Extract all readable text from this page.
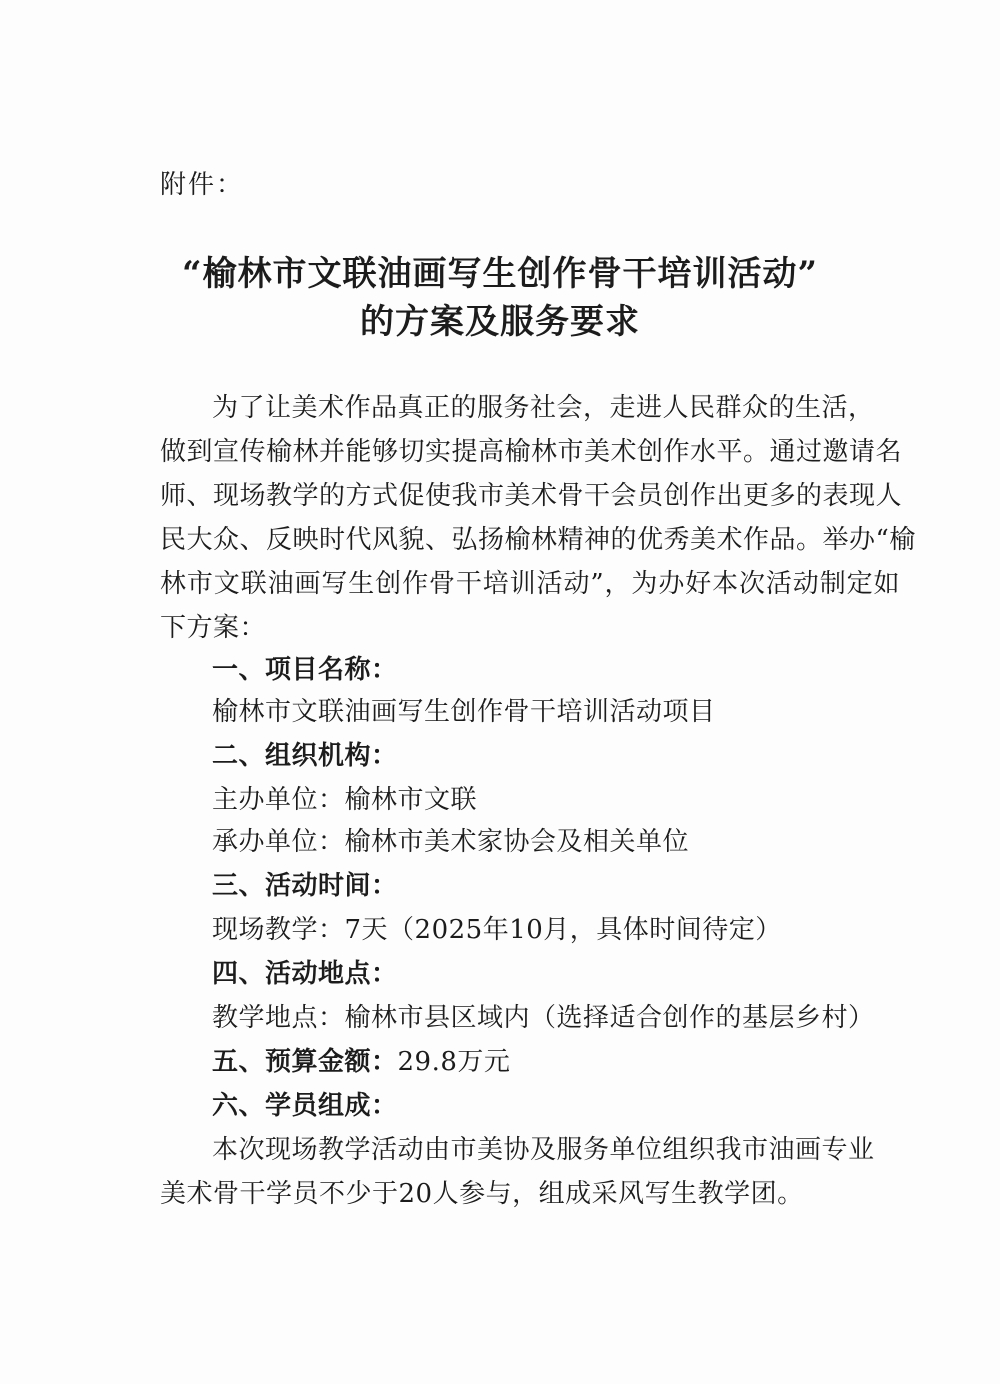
附件：
“榆林市文联油画写生创作骨干培训活动”
的方案及服务要求
为了让美术作品真正的服务社会，走进人民群众的生活，
做到宣传榆林并能够切实提高榆林市美术创作水平。通过邀请名
师、现场教学的方式促使我市美术骨干会员创作出更多的表现人
民大众、反映时代风貌、弘扬榆林精神的优秀美术作品。举办“榆
林市文联油画写生创作骨干培训活动”，为办好本次活动制定如
下方案：
一、项目名称：
榆林市文联油画写生创作骨干培训活动项目
二、组织机构：
主办单位：榆林市文联
承办单位：榆林市美术家协会及相关单位
三、活动时间：
现场教学：7天（2025年10月，具体时间待定）
四、活动地点：
教学地点：榆林市县区域内（选择适合创作的基层乡村）
五、预算金额：29.8万元
六、学员组成：
本次现场教学活动由市美协及服务单位组织我市油画专业
美术骨干学员不少于20人参与，组成采风写生教学团。
